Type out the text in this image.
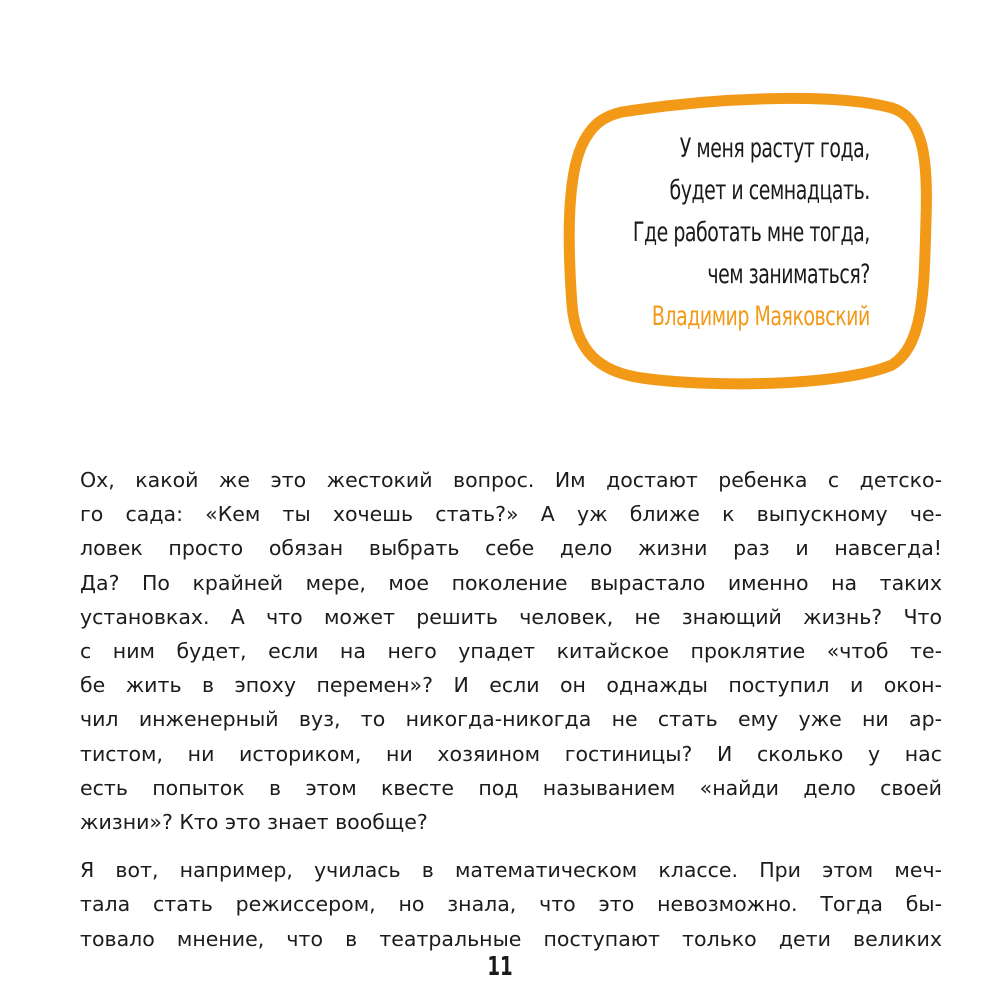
У меня растут года,
будет и семнадцать.
Где работать мне тогда,
чем заниматься?
Владимир Маяковский

Ох, какой же это жестокий вопрос. Им достают ребенка с детско-
го сада: «Кем ты хочешь стать?» А уж ближе к выпускному че-
ловек просто обязан выбрать себе дело жизни раз и навсегда!
Да? По крайней мере, мое поколение вырастало именно на таких
установках. А что может решить человек, не знающий жизнь? Что
с ним будет, если на него упадет китайское проклятие «чтоб те-
бе жить в эпоху перемен»? И если он однажды поступил и окон-
чил инженерный вуз, то никогда-никогда не стать ему уже ни ар-
тистом, ни историком, ни хозяином гостиницы? И сколько у нас
есть попыток в этом квесте под называнием «найди дело своей
жизни»? Кто это знает вообще?

Я вот, например, училась в математическом классе. При этом меч-
тала стать режиссером, но знала, что это невозможно. Тогда бы-
товало мнение, что в театральные поступают только дети великих

11
